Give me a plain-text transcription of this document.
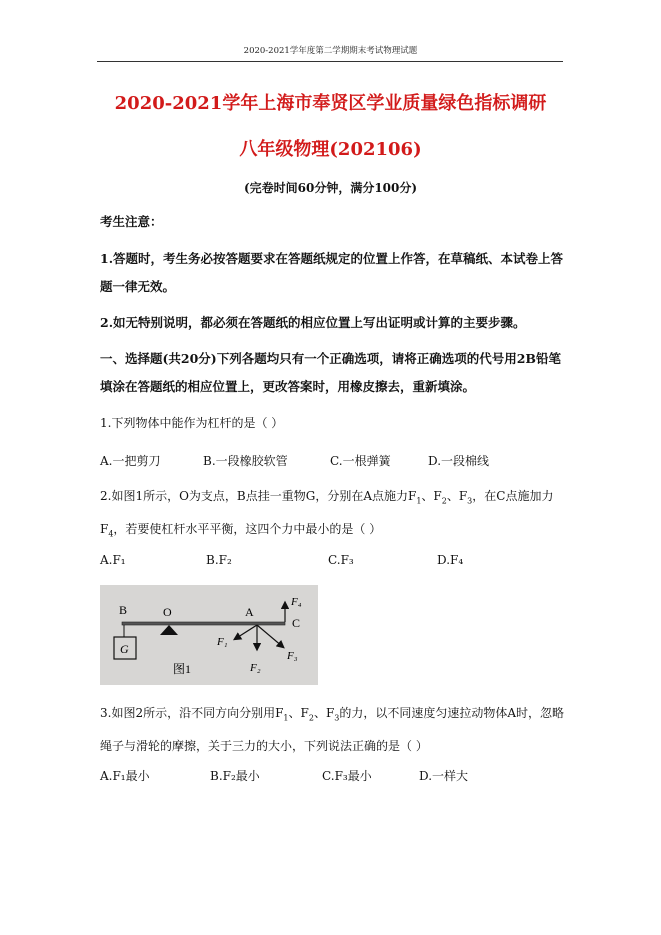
2020-2021学年度第二学期期末考试物理试题
2020-2021学年上海市奉贤区学业质量绿色指标调研
八年级物理(202106)
(完卷时间60分钟，满分100分)
考生注意：
1.答题时，考生务必按答题要求在答题纸规定的位置上作答，在草稿纸、本试卷上答题一律无效。
2.如无特别说明，都必须在答题纸的相应位置上写出证明或计算的主要步骤。
一、选择题(共20分)下列各题均只有一个正确选项，请将正确选项的代号用2B铅笔填涂在答题纸的相应位置上，更改答案时，用橡皮擦去，重新填涂。
1.下列物体中能作为杠杆的是（ ）
A.一把剪刀	B.一段橡胶软管	C.一根弹簧	D.一段棉线
2.如图1所示，O为支点，B点挂一重物G，分别在A点施力$F_1$、$F_2$、$F_3$，在C点施加力$F_4$，若要使杠杆水平平衡，这四个力中最小的是（ ）
A.F₁	B.F₂	C.F₃	D.F₄
G
B	O	A
C
F₄
F₁
F₂
F₃
图1
3.如图2所示，沿不同方向分别用$F_1$、$F_2$、$F_3$的力，以不同速度匀速拉动物体A时，忽略绳子与滑轮的摩擦，关于三力的大小，下列说法正确的是（ ）
A.F₁最小	B.F₂最小	C.F₃最小	D.一样大
